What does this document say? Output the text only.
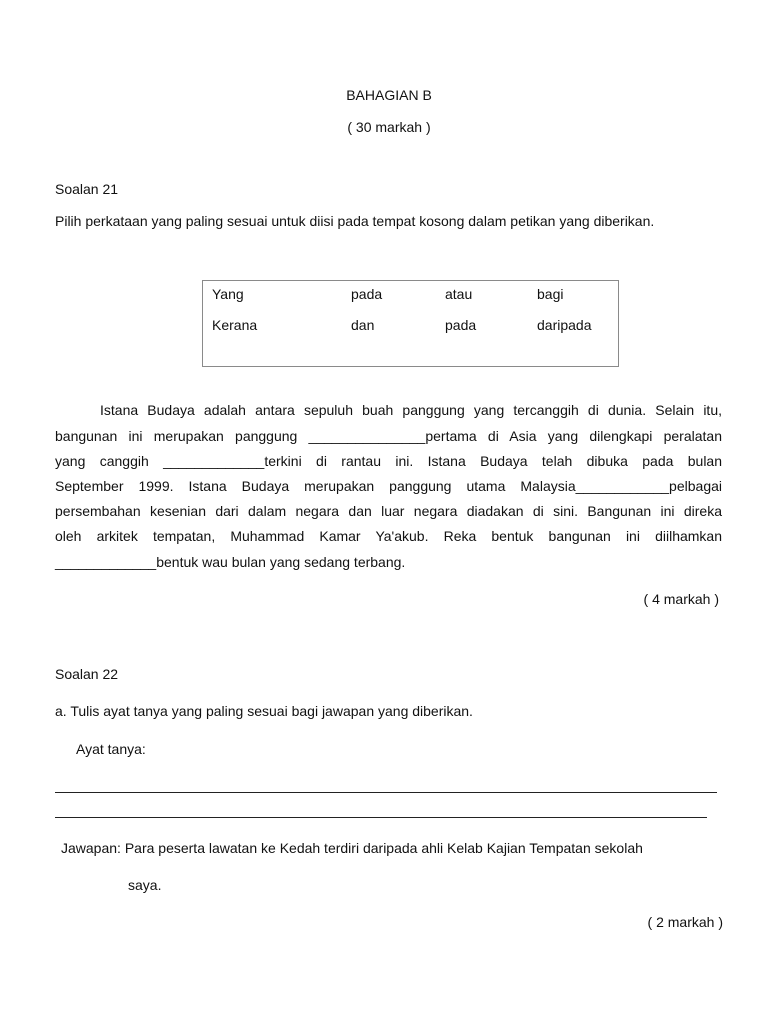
BAHAGIAN B
( 30 markah )
Soalan 21
Pilih perkataan yang paling sesuai untuk diisi pada tempat kosong dalam petikan yang diberikan.
Yang	pada	atau	bagi
Kerana	dan	pada	daripada
Istana Budaya adalah antara sepuluh buah panggung yang tercanggih di dunia. Selain itu,
bangunan ini merupakan panggung _______________pertama di Asia yang dilengkapi peralatan
yang canggih _____________terkini di rantau ini. Istana Budaya telah dibuka pada bulan
September 1999. Istana Budaya merupakan panggung utama Malaysia____________pelbagai
persembahan kesenian dari dalam negara dan luar negara diadakan di sini. Bangunan ini direka
oleh arkitek tempatan, Muhammad Kamar Ya'akub. Reka bentuk bangunan ini diilhamkan
_____________bentuk wau bulan yang sedang terbang.
( 4 markah )
Soalan 22
a. Tulis ayat tanya yang paling sesuai bagi jawapan yang diberikan.
Ayat tanya:
Jawapan: Para peserta lawatan ke Kedah terdiri daripada ahli Kelab Kajian Tempatan sekolah
saya.
( 2 markah )
